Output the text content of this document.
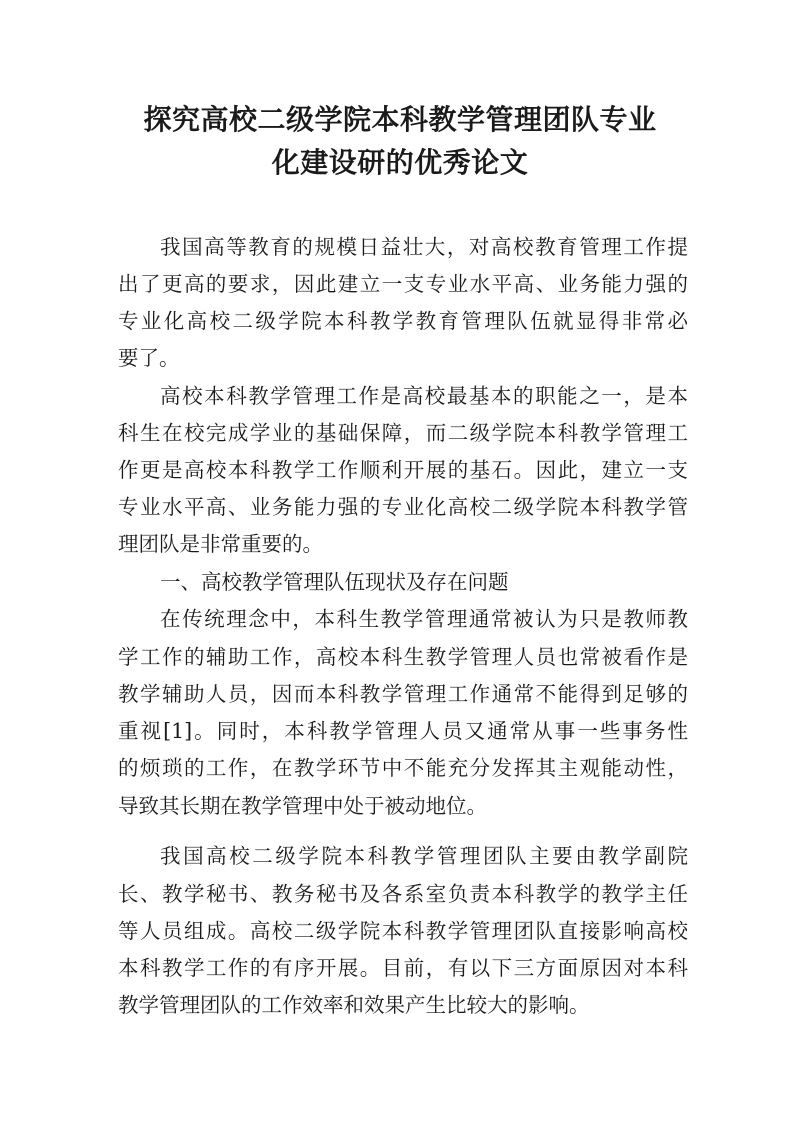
探究高校二级学院本科教学管理团队专业
化建设研的优秀论文
我国高等教育的规模日益壮大，对高校教育管理工作提
出了更高的要求，因此建立一支专业水平高、业务能力强的
专业化高校二级学院本科教学教育管理队伍就显得非常必
要了。
高校本科教学管理工作是高校最基本的职能之一，是本
科生在校完成学业的基础保障，而二级学院本科教学管理工
作更是高校本科教学工作顺利开展的基石。因此，建立一支
专业水平高、业务能力强的专业化高校二级学院本科教学管
理团队是非常重要的。
一、高校教学管理队伍现状及存在问题
在传统理念中，本科生教学管理通常被认为只是教师教
学工作的辅助工作，高校本科生教学管理人员也常被看作是
教学辅助人员，因而本科教学管理工作通常不能得到足够的
重视[1]。同时，本科教学管理人员又通常从事一些事务性
的烦琐的工作，在教学环节中不能充分发挥其主观能动性，
导致其长期在教学管理中处于被动地位。
我国高校二级学院本科教学管理团队主要由教学副院
长、教学秘书、教务秘书及各系室负责本科教学的教学主任
等人员组成。高校二级学院本科教学管理团队直接影响高校
本科教学工作的有序开展。目前，有以下三方面原因对本科
教学管理团队的工作效率和效果产生比较大的影响。
